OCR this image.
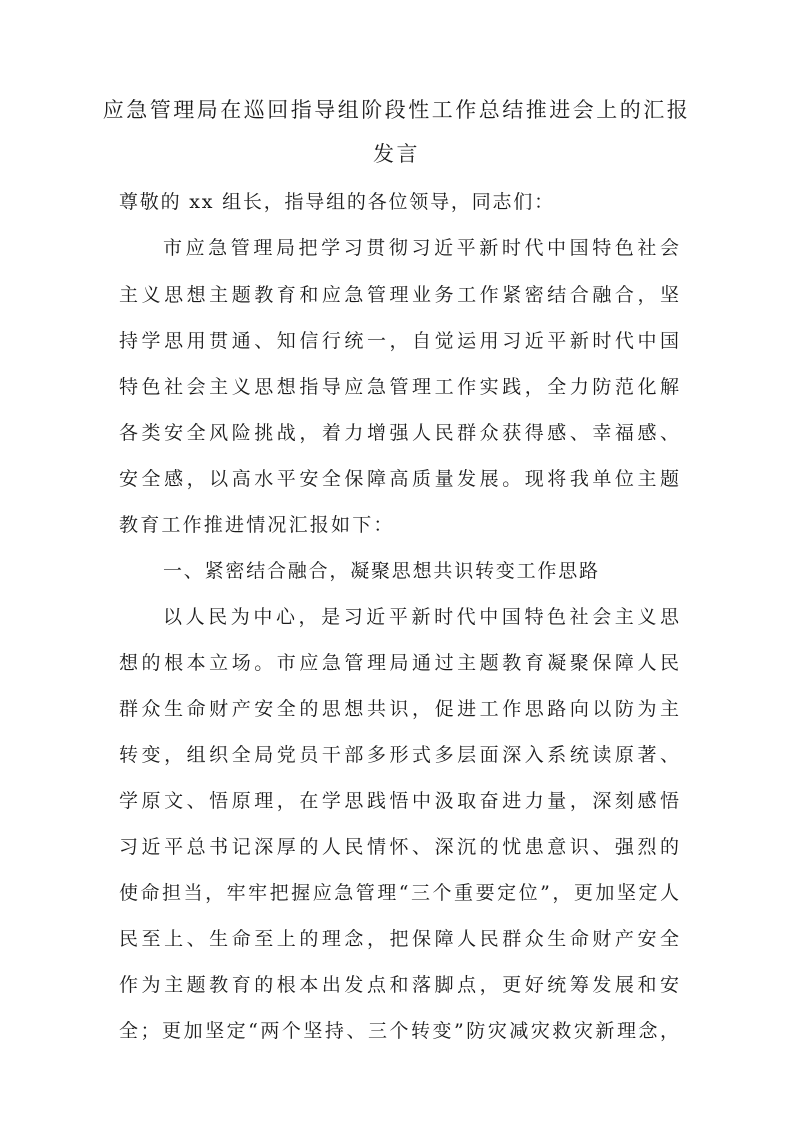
应急管理局在巡回指导组阶段性工作总结推进会上的汇报
发言

尊敬的 xx 组长，指导组的各位领导，同志们：

市应急管理局把学习贯彻习近平新时代中国特色社会

主义思想主题教育和应急管理业务工作紧密结合融合，坚

持学思用贯通、知信行统一，自觉运用习近平新时代中国

特色社会主义思想指导应急管理工作实践，全力防范化解

各类安全风险挑战，着力增强人民群众获得感、幸福感、

安全感，以高水平安全保障高质量发展。现将我单位主题

教育工作推进情况汇报如下：

一、紧密结合融合，凝聚思想共识转变工作思路

以人民为中心，是习近平新时代中国特色社会主义思

想的根本立场。市应急管理局通过主题教育凝聚保障人民

群众生命财产安全的思想共识，促进工作思路向以防为主

转变，组织全局党员干部多形式多层面深入系统读原著、

学原文、悟原理，在学思践悟中汲取奋进力量，深刻感悟

习近平总书记深厚的人民情怀、深沉的忧患意识、强烈的

使命担当，牢牢把握应急管理“三个重要定位”，更加坚定人

民至上、生命至上的理念，把保障人民群众生命财产安全

作为主题教育的根本出发点和落脚点，更好统筹发展和安

全；更加坚定“两个坚持、三个转变”防灾减灾救灾新理念，
